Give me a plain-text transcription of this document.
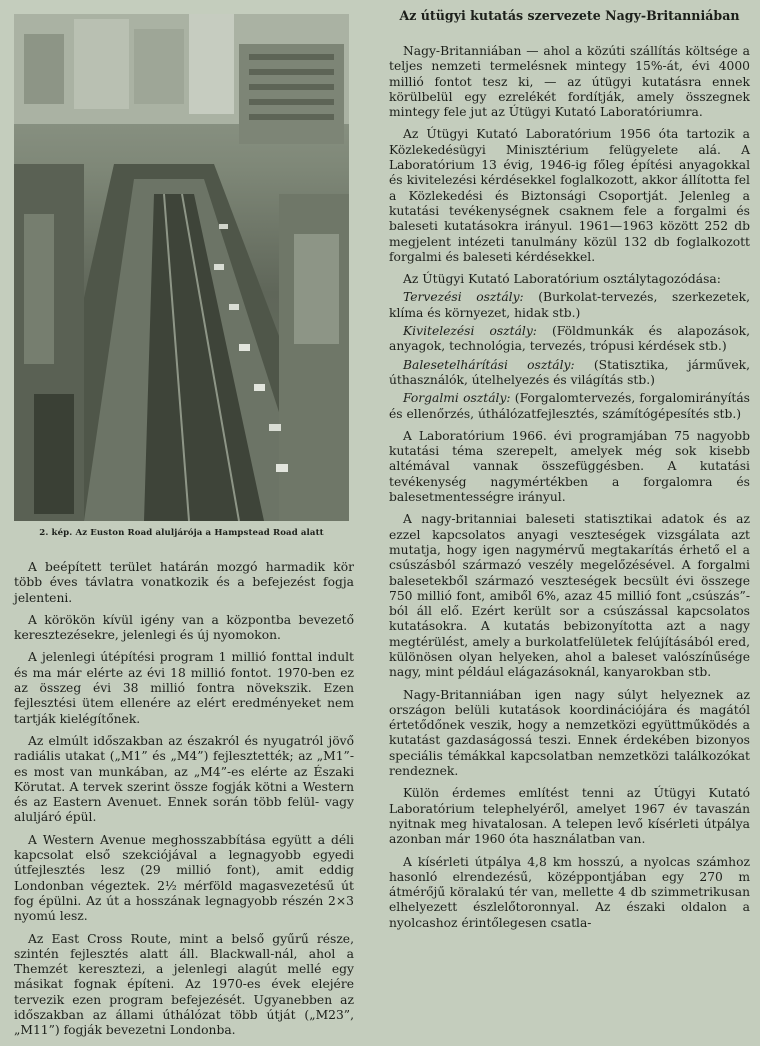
2. kép. Az Euston Road aluljárója a Hampstead Road alatt

A beépített terület határán mozgó harmadik kör több éves távlatra vonatkozik és a befejezést fogja jelenteni.

A körökön kívül igény van a központba bevezető keresztezésekre, jelenlegi és új nyomokon.

A jelenlegi útépítési program 1 millió fonttal indult és ma már elérte az évi 18 millió fontot. 1970-ben ez az összeg évi 38 millió fontra növekszik. Ezen fejlesztési ütem ellenére az elért eredményeket nem tartják kielégítőnek.

Az elmúlt időszakban az északról és nyugatról jövő radiális utakat („M1” és „M4”) fejlesztették; az „M1”-es most van munkában, az „M4”-es elérte az Északi Körutat. A tervek szerint össze fogják kötni a Western és az Eastern Avenuet. Ennek során több felül- vagy aluljáró épül.

A Western Avenue meghosszabbítása együtt a déli kapcsolat első szekciójával a legnagyobb egyedi útfejlesztés lesz (29 millió font), amit eddig Londonban végeztek. 2½ mérföld magasvezetésű út fog épülni. Az út a hosszának legnagyobb részén 2×3 nyomú lesz.

Az East Cross Route, mint a belső gyűrű része, szintén fejlesztés alatt áll. Blackwall-nál, ahol a Themzét keresztezi, a jelenlegi alagút mellé egy másikat fognak építeni. Az 1970-es évek elejére tervezik ezen program befejezését. Ugyanebben az időszakban az állami úthálózat több útját („M23”, „M11”) fogják bevezetni Londonba.

Az útügyi kutatás szervezete Nagy-Britanniában

Nagy-Britanniában — ahol a közúti szállítás költsége a teljes nemzeti termelésnek mintegy 15%-át, évi 4000 millió fontot tesz ki, — az útügyi kutatásra ennek körülbelül egy ezrelékét fordítják, amely összegnek mintegy fele jut az Útügyi Kutató Laboratóriumra.

Az Útügyi Kutató Laboratórium 1956 óta tartozik a Közlekedésügyi Minisztérium felügyelete alá. A Laboratórium 13 évig, 1946-ig főleg építési anyagokkal és kivitelezési kérdésekkel foglalkozott, akkor állította fel a Közlekedési és Biztonsági Csoportját. Jelenleg a kutatási tevékenységnek csaknem fele a forgalmi és baleseti kutatásokra irányul. 1961—1963 között 252 db megjelent intézeti tanulmány közül 132 db foglalkozott forgalmi és baleseti kérdésekkel.

Az Útügyi Kutató Laboratórium osztálytagozódása:

Tervezési osztály: (Burkolat-tervezés, szerkezetek, klíma és környezet, hidak stb.)

Kivitelezési osztály: (Földmunkák és alapozások, anyagok, technológia, tervezés, trópusi kérdések stb.)

Balesetelhárítási osztály: (Statisztika, járművek, úthasználók, útelhelyezés és világítás stb.)

Forgalmi osztály: (Forgalomtervezés, forgalomirányítás és ellenőrzés, úthálózatfejlesztés, számítógépesítés stb.)

A Laboratórium 1966. évi programjában 75 nagyobb kutatási téma szerepelt, amelyek még sok kisebb altémával vannak összefüggésben. A kutatási tevékenység nagymértékben a forgalomra és balesetmentességre irányul.

A nagy-britanniai baleseti statisztikai adatok és az ezzel kapcsolatos anyagi veszteségek vizsgálata azt mutatja, hogy igen nagymérvű megtakarítás érhető el a csúszásból származó veszély megelőzésével. A forgalmi balesetekből származó veszteségek becsült évi összege 750 millió font, amiből 6%, azaz 45 millió font „csúszás”-ból áll elő. Ezért került sor a csúszással kapcsolatos kutatásokra. A kutatás bebizonyította azt a nagy megtérülést, amely a burkolatfelületek felújításából ered, különösen olyan helyeken, ahol a baleset valószínűsége nagy, mint például elágazásoknál, kanyarokban stb.

Nagy-Britanniában igen nagy súlyt helyeznek az országon belüli kutatások koordinációjára és magától értetődőnek veszik, hogy a nemzetközi együttműködés a kutatást gazdaságossá teszi. Ennek érdekében bizonyos speciális témákkal kapcsolatban nemzetközi találkozókat rendeznek.

Külön érdemes említést tenni az Útügyi Kutató Laboratórium telephelyéről, amelyet 1967 év tavaszán nyitnak meg hivatalosan. A telepen levő kísérleti útpálya azonban már 1960 óta használatban van.

A kísérleti útpálya 4,8 km hosszú, a nyolcas számhoz hasonló elrendezésű, középpontjában egy 270 m átmérőjű köralakú tér van, mellette 4 db szimmetrikusan elhelyezett észlelőtoronnyal. Az északi oldalon a nyolcashoz érintőlegesen csatla-
